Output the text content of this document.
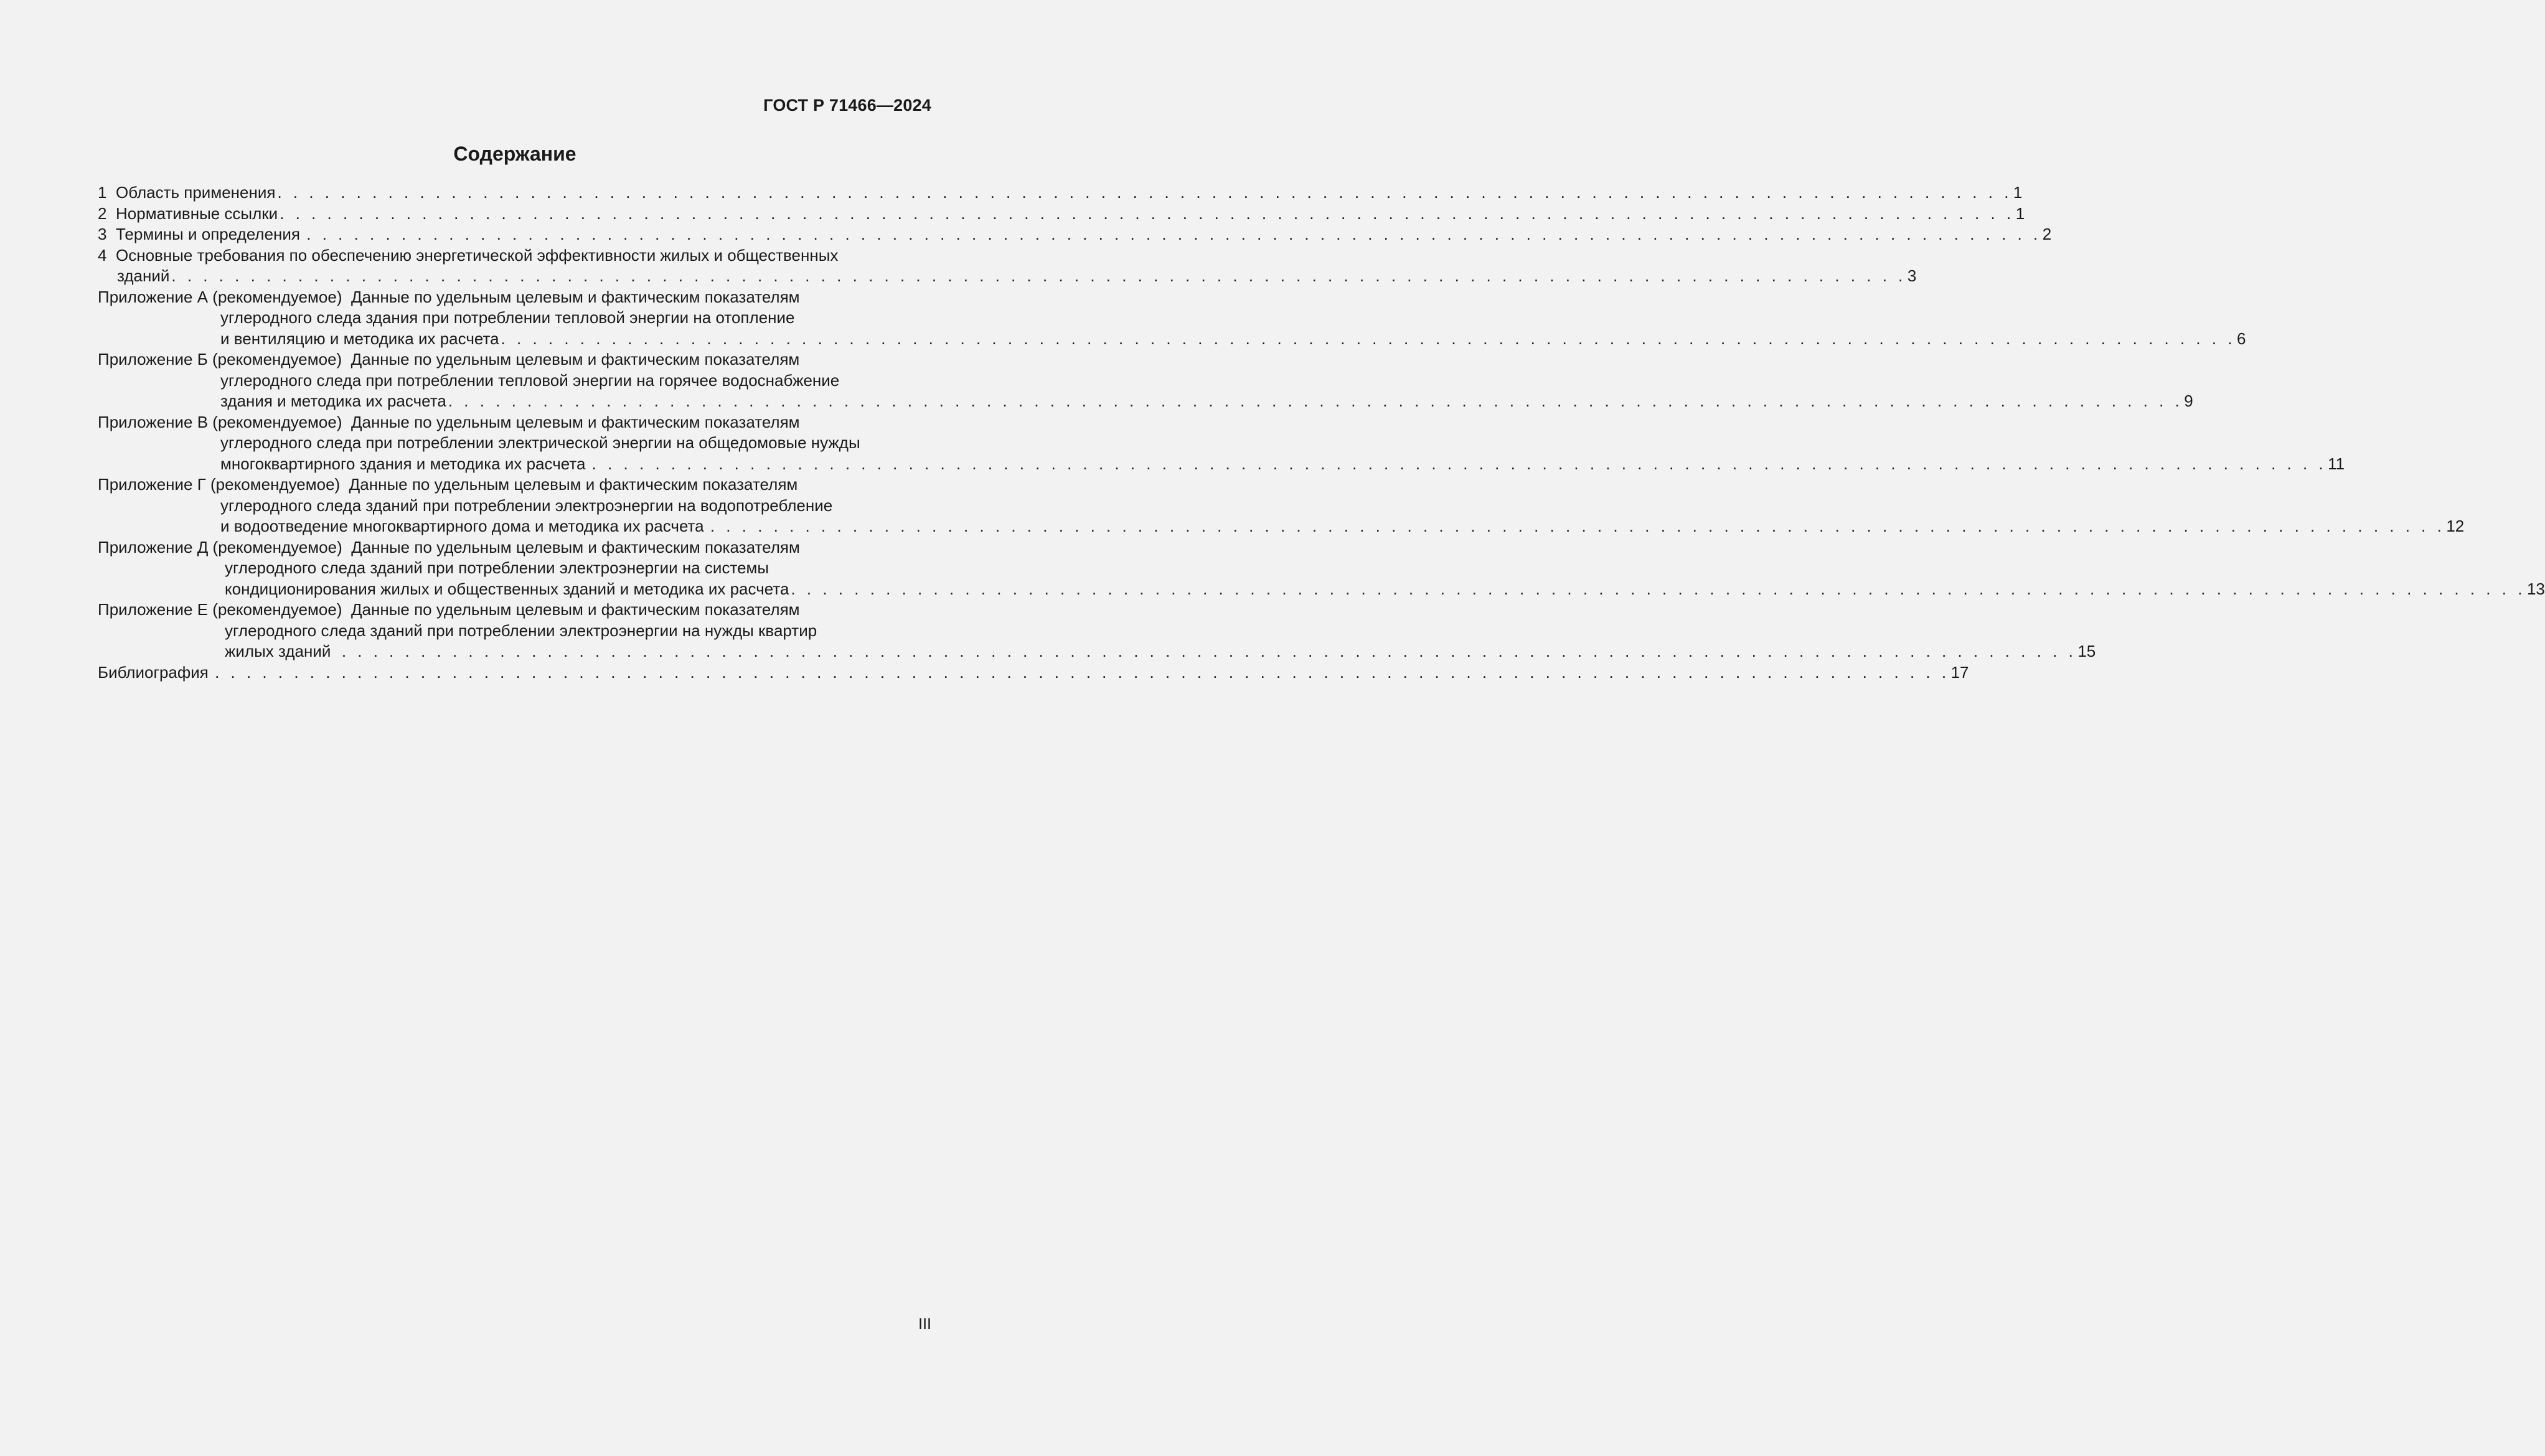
ГОСТ Р 71466—2024
Содержание
1 Область применения . . . . . . . . . . . . . . . . . . . . . . . . . . . . . . . . . . . . . . . . . . . . . . . . . . . . . . . . . . . . . . . . . . . . . . . . . . . . . . . . . . . . . . . . . . . . . . . . . . . . . . . . . . . . . . 1
2 Нормативные ссылки . . . . . . . . . . . . . . . . . . . . . . . . . . . . . . . . . . . . . . . . . . . . . . . . . . . . . . . . . . . . . . . . . . . . . . . . . . . . . . . . . . . . . . . . . . . . . . . . . . . . . . . . . . . . . . 1
3 Термины и определения . . . . . . . . . . . . . . . . . . . . . . . . . . . . . . . . . . . . . . . . . . . . . . . . . . . . . . . . . . . . . . . . . . . . . . . . . . . . . . . . . . . . . . . . . . . . . . . . . . . . . . . . . . . . . . 2
4 Основные требования по обеспечению энергетической эффективности жилых и общественных
зданий . . . . . . . . . . . . . . . . . . . . . . . . . . . . . . . . . . . . . . . . . . . . . . . . . . . . . . . . . . . . . . . . . . . . . . . . . . . . . . . . . . . . . . . . . . . . . . . . . . . . . . . . . . . . . . 3
Приложение А (рекомендуемое) Данные по удельным целевым и фактическим показателям
углеродного следа здания при потреблении тепловой энергии на отопление
и вентиляцию и методика их расчета . . . . . . . . . . . . . . . . . . . . . . . . . . . . . . . . . . . . . . . . . . . . . . . . . . . . . . . . . . . . . . . . . . . . . . . . . . . . . . . . . . . . . . . . . . . . . . . . . . . . . . . . . . . . . . 6
Приложение Б (рекомендуемое) Данные по удельным целевым и фактическим показателям
углеродного следа при потреблении тепловой энергии на горячее водоснабжение
здания и методика их расчета . . . . . . . . . . . . . . . . . . . . . . . . . . . . . . . . . . . . . . . . . . . . . . . . . . . . . . . . . . . . . . . . . . . . . . . . . . . . . . . . . . . . . . . . . . . . . . . . . . . . . . . . . . . . . . 9
Приложение В (рекомендуемое) Данные по удельным целевым и фактическим показателям
углеродного следа при потреблении электрической энергии на общедомовые нужды
многоквартирного здания и методика их расчета . . . . . . . . . . . . . . . . . . . . . . . . . . . . . . . . . . . . . . . . . . . . . . . . . . . . . . . . . . . . . . . . . . . . . . . . . . . . . . . . . . . . . . . . . . . . . . . . . . . . . . . . . . . . . . 11
Приложение Г (рекомендуемое) Данные по удельным целевым и фактическим показателям
углеродного следа зданий при потреблении электроэнергии на водопотребление
и водоотведение многоквартирного дома и методика их расчета . . . . . . . . . . . . . . . . . . . . . . . . . . . . . . . . . . . . . . . . . . . . . . . . . . . . . . . . . . . . . . . . . . . . . . . . . . . . . . . . . . . . . . . . . . . . . . . . . . . . . . . . . . . . . . 12
Приложение Д (рекомендуемое) Данные по удельным целевым и фактическим показателям
углеродного следа зданий при потреблении электроэнергии на системы
кондиционирования жилых и общественных зданий и методика их расчета . . . . . . . . . . . . . . . . . . . . . . . . . . . . . . . . . . . . . . . . . . . . . . . . . . . . . . . . . . . . . . . . . . . . . . . . . . . . . . . . . . . . . . . . . . . . . . . . . . . . . . . . . . . . . . 13
Приложение Е (рекомендуемое) Данные по удельным целевым и фактическим показателям
углеродного следа зданий при потреблении электроэнергии на нужды квартир
жилых зданий . . . . . . . . . . . . . . . . . . . . . . . . . . . . . . . . . . . . . . . . . . . . . . . . . . . . . . . . . . . . . . . . . . . . . . . . . . . . . . . . . . . . . . . . . . . . . . . . . . . . . . . . . . . . . . 15
Библиография . . . . . . . . . . . . . . . . . . . . . . . . . . . . . . . . . . . . . . . . . . . . . . . . . . . . . . . . . . . . . . . . . . . . . . . . . . . . . . . . . . . . . . . . . . . . . . . . . . . . . . . . . . . . . . 17
III
